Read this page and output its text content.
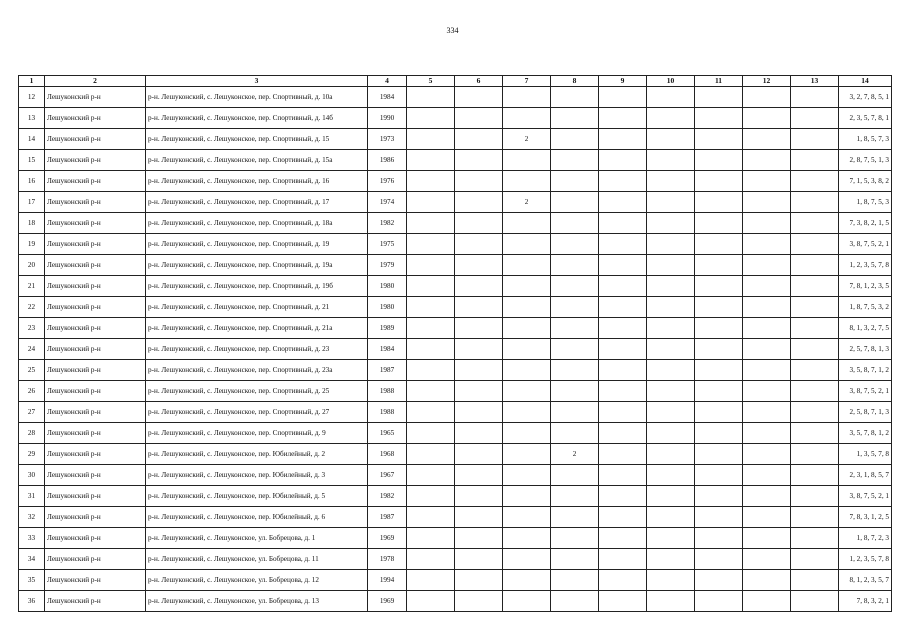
334
1	2	3	4	5	6	7	8	9	10	11	12	13	14
12	Лешуконский р-н	р-н. Лешуконский, с. Лешуконское, пер. Спортивный, д. 10а	1984										3, 2, 7, 8, 5, 1
13	Лешуконский р-н	р-н. Лешуконский, с. Лешуконское, пер. Спортивный, д. 14б	1990										2, 3, 5, 7, 8, 1
14	Лешуконский р-н	р-н. Лешуконский, с. Лешуконское, пер. Спортивный, д. 15	1973			2							1, 8, 5, 7, 3
15	Лешуконский р-н	р-н. Лешуконский, с. Лешуконское, пер. Спортивный, д. 15а	1986										2, 8, 7, 5, 1, 3
16	Лешуконский р-н	р-н. Лешуконский, с. Лешуконское, пер. Спортивный, д. 16	1976										7, 1, 5, 3, 8, 2
17	Лешуконский р-н	р-н. Лешуконский, с. Лешуконское, пер. Спортивный, д. 17	1974			2							1, 8, 7, 5, 3
18	Лешуконский р-н	р-н. Лешуконский, с. Лешуконское, пер. Спортивный, д. 18а	1982										7, 3, 8, 2, 1, 5
19	Лешуконский р-н	р-н. Лешуконский, с. Лешуконское, пер. Спортивный, д. 19	1975										3, 8, 7, 5, 2, 1
20	Лешуконский р-н	р-н. Лешуконский, с. Лешуконское, пер. Спортивный, д. 19а	1979										1, 2, 3, 5, 7, 8
21	Лешуконский р-н	р-н. Лешуконский, с. Лешуконское, пер. Спортивный, д. 19б	1980										7, 8, 1, 2, 3, 5
22	Лешуконский р-н	р-н. Лешуконский, с. Лешуконское, пер. Спортивный, д. 21	1980										1, 8, 7, 5, 3, 2
23	Лешуконский р-н	р-н. Лешуконский, с. Лешуконское, пер. Спортивный, д. 21а	1989										8, 1, 3, 2, 7, 5
24	Лешуконский р-н	р-н. Лешуконский, с. Лешуконское, пер. Спортивный, д. 23	1984										2, 5, 7, 8, 1, 3
25	Лешуконский р-н	р-н. Лешуконский, с. Лешуконское, пер. Спортивный, д. 23а	1987										3, 5, 8, 7, 1, 2
26	Лешуконский р-н	р-н. Лешуконский, с. Лешуконское, пер. Спортивный, д. 25	1988										3, 8, 7, 5, 2, 1
27	Лешуконский р-н	р-н. Лешуконский, с. Лешуконское, пер. Спортивный, д. 27	1988										2, 5, 8, 7, 1, 3
28	Лешуконский р-н	р-н. Лешуконский, с. Лешуконское, пер. Спортивный, д. 9	1965										3, 5, 7, 8, 1, 2
29	Лешуконский р-н	р-н. Лешуконский, с. Лешуконское, пер. Юбилейный, д. 2	1968				2						1, 3, 5, 7, 8
30	Лешуконский р-н	р-н. Лешуконский, с. Лешуконское, пер. Юбилейный, д. 3	1967										2, 3, 1, 8, 5, 7
31	Лешуконский р-н	р-н. Лешуконский, с. Лешуконское, пер. Юбилейный, д. 5	1982										3, 8, 7, 5, 2, 1
32	Лешуконский р-н	р-н. Лешуконский, с. Лешуконское, пер. Юбилейный, д. 6	1987										7, 8, 3, 1, 2, 5
33	Лешуконский р-н	р-н. Лешуконский, с. Лешуконское, ул. Бобрецова, д. 1	1969										1, 8, 7, 2, 3
34	Лешуконский р-н	р-н. Лешуконский, с. Лешуконское, ул. Бобрецова, д. 11	1978										1, 2, 3, 5, 7, 8
35	Лешуконский р-н	р-н. Лешуконский, с. Лешуконское, ул. Бобрецова, д. 12	1994										8, 1, 2, 3, 5, 7
36	Лешуконский р-н	р-н. Лешуконский, с. Лешуконское, ул. Бобрецова, д. 13	1969										7, 8, 3, 2, 1
